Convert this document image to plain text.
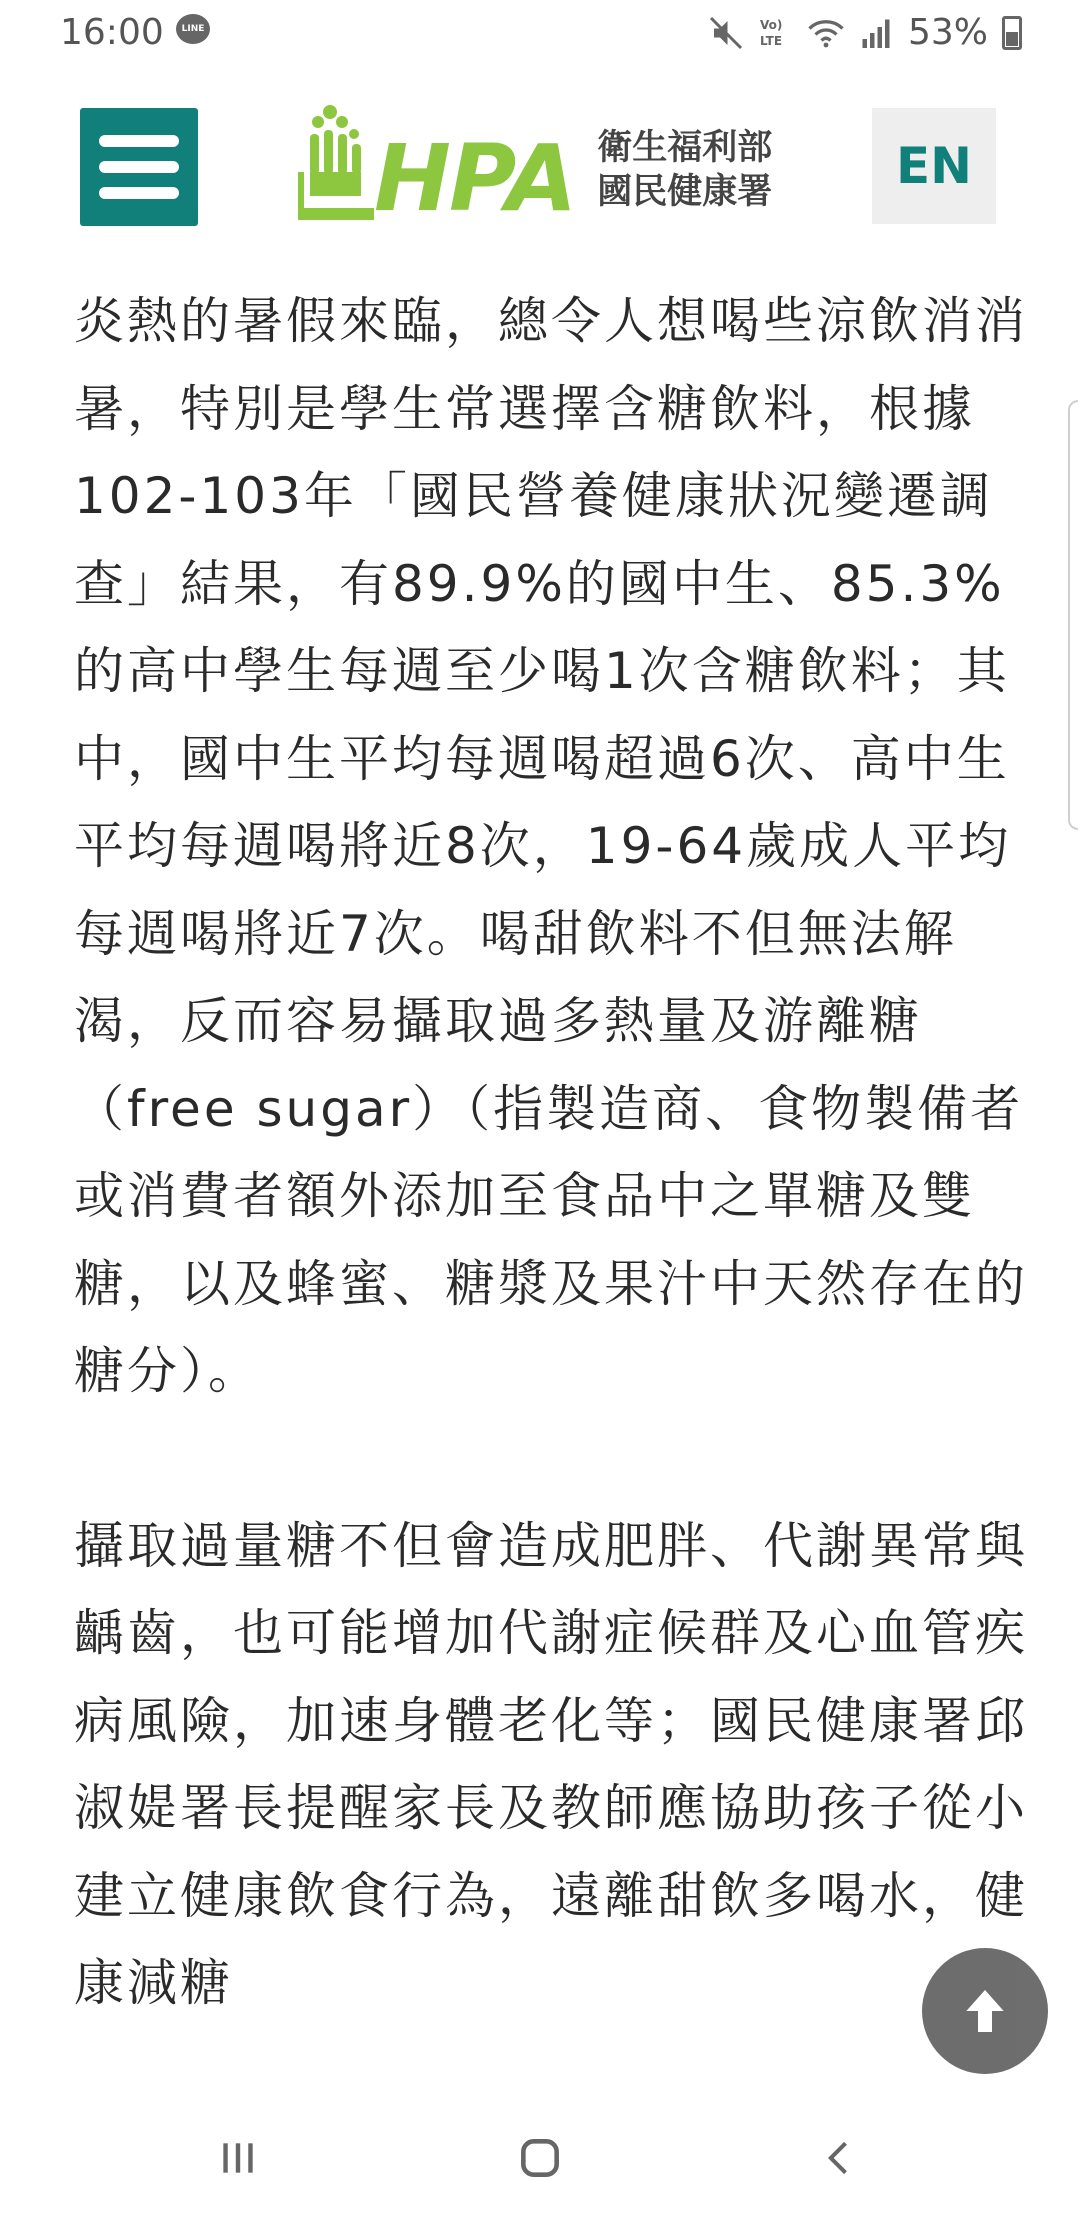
16:00	LINE	Vo)
LTE	53%
HPA 衛生福利部
國民健康署	EN

炎熱的暑假來臨，總令人想喝些涼飲消消暑，特別是學生常選擇含糖飲料，根據102-103年「國民營養健康狀況變遷調查」結果，有89.9%的國中生、85.3%的高中學生每週至少喝1次含糖飲料；其中，國中生平均每週喝超過6次、高中生平均每週喝將近8次，19-64歲成人平均每週喝將近7次。喝甜飲料不但無法解渴，反而容易攝取過多熱量及游離糖（free sugar）（指製造商、食物製備者或消費者額外添加至食品中之單糖及雙糖，以及蜂蜜、糖漿及果汁中天然存在的糖分）。

攝取過量糖不但會造成肥胖、代謝異常與齲齒，也可能增加代謝症候群及心血管疾病風險，加速身體老化等；國民健康署邱淑媞署長提醒家長及教師應協助孩子從小建立健康飲食行為，遠離甜飲多喝水，健康減糖
